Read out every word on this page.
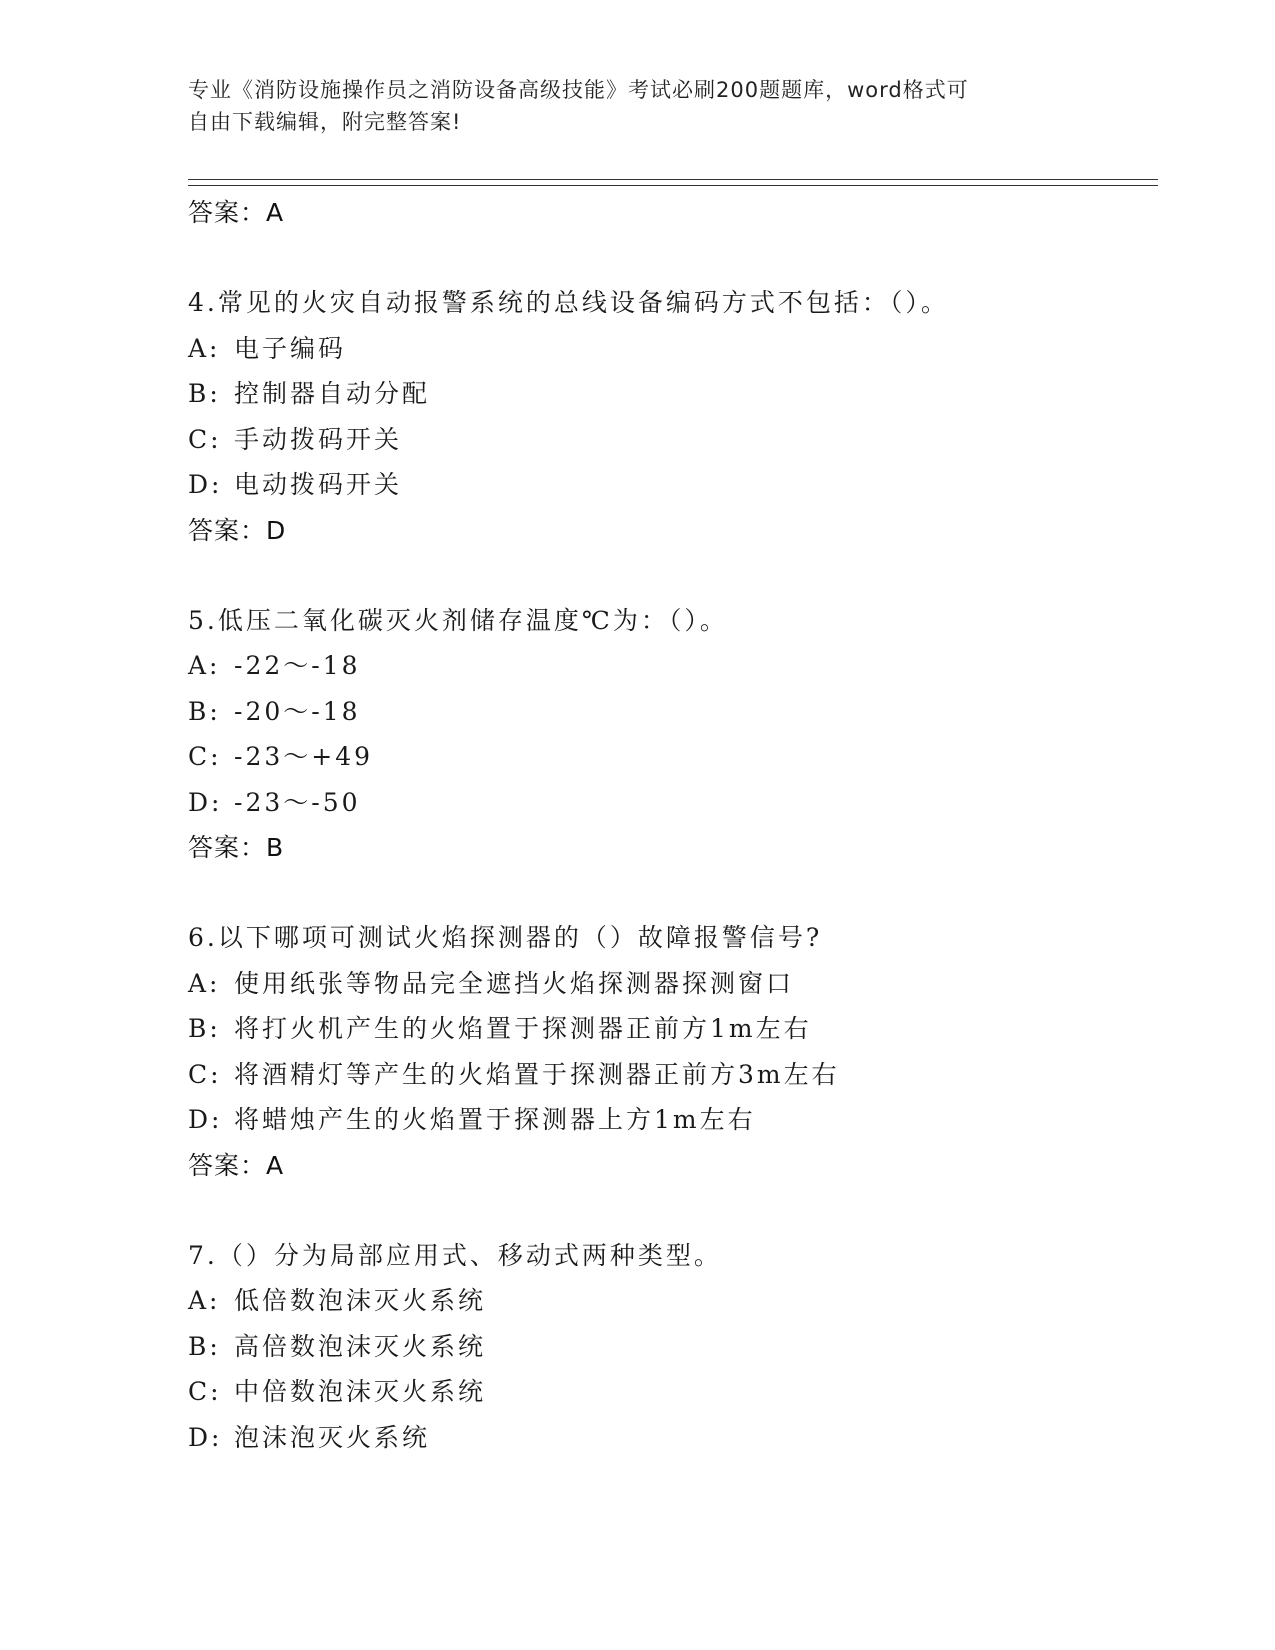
专业《消防设施操作员之消防设备高级技能》考试必刷200题题库，word格式可
自由下载编辑，附完整答案!
答案：A
4.常见的火灾自动报警系统的总线设备编码方式不包括：（）。
A: 电子编码
B: 控制器自动分配
C: 手动拨码开关
D: 电动拨码开关
答案：D
5.低压二氧化碳灭火剂储存温度℃为：（）。
A: -22～-18
B: -20～-18
C: -23～+49
D: -23～-50
答案：B
6.以下哪项可测试火焰探测器的（）故障报警信号?
A: 使用纸张等物品完全遮挡火焰探测器探测窗口
B: 将打火机产生的火焰置于探测器正前方1m左右
C: 将酒精灯等产生的火焰置于探测器正前方3m左右
D: 将蜡烛产生的火焰置于探测器上方1m左右
答案：A
7.（）分为局部应用式、移动式两种类型。
A: 低倍数泡沫灭火系统
B: 高倍数泡沫灭火系统
C: 中倍数泡沫灭火系统
D: 泡沫泡灭火系统
